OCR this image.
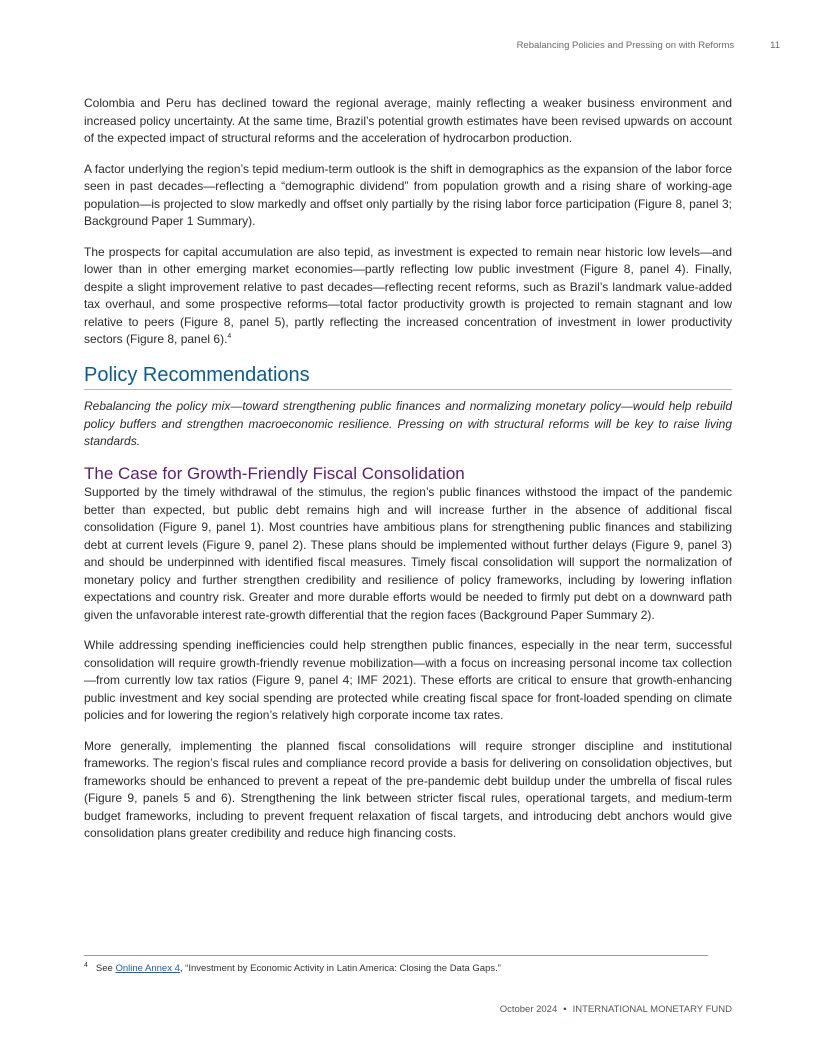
Rebalancing Policies and Pressing on with Reforms	11

Colombia and Peru has declined toward the regional average, mainly reflecting a weaker business environment and increased policy uncertainty. At the same time, Brazil’s potential growth estimates have been revised upwards on account of the expected impact of structural reforms and the acceleration of hydrocarbon production.

A factor underlying the region’s tepid medium-term outlook is the shift in demographics as the expansion of the labor force seen in past decades—reflecting a “demographic dividend” from population growth and a rising share of working-age population—is projected to slow markedly and offset only partially by the rising labor force participation (Figure 8, panel 3; Background Paper 1 Summary).

The prospects for capital accumulation are also tepid, as investment is expected to remain near historic low levels—and lower than in other emerging market economies—partly reflecting low public investment (Figure 8, panel 4). Finally, despite a slight improvement relative to past decades—reflecting recent reforms, such as Brazil’s landmark value-added tax overhaul, and some prospective reforms—total factor productivity growth is projected to remain stagnant and low relative to peers (Figure 8, panel 5), partly reflecting the increased concentration of investment in lower productivity sectors (Figure 8, panel 6).$^4$

Policy Recommendations

Rebalancing the policy mix—toward strengthening public finances and normalizing monetary policy—would help rebuild policy buffers and strengthen macroeconomic resilience. Pressing on with structural reforms will be key to raise living standards.

The Case for Growth-Friendly Fiscal Consolidation

Supported by the timely withdrawal of the stimulus, the region’s public finances withstood the impact of the pandemic better than expected, but public debt remains high and will increase further in the absence of additional fiscal consolidation (Figure 9, panel 1). Most countries have ambitious plans for strengthening public finances and stabilizing debt at current levels (Figure 9, panel 2). These plans should be implemented without further delays (Figure 9, panel 3) and should be underpinned with identified fiscal measures. Timely fiscal consolidation will support the normalization of monetary policy and further strengthen credibility and resilience of policy frameworks, including by lowering inflation expectations and country risk. Greater and more durable efforts would be needed to firmly put debt on a downward path given the unfavorable interest rate-growth differential that the region faces (Background Paper Summary 2).

While addressing spending inefficiencies could help strengthen public finances, especially in the near term, successful consolidation will require growth-friendly revenue mobilization—with a focus on increasing personal income tax collection—from currently low tax ratios (Figure 9, panel 4; IMF 2021). These efforts are critical to ensure that growth-enhancing public investment and key social spending are protected while creating fiscal space for front-loaded spending on climate policies and for lowering the region’s relatively high corporate income tax rates.

More generally, implementing the planned fiscal consolidations will require stronger discipline and institutional frameworks. The region’s fiscal rules and compliance record provide a basis for delivering on consolidation objectives, but frameworks should be enhanced to prevent a repeat of the pre-pandemic debt buildup under the umbrella of fiscal rules (Figure 9, panels 5 and 6). Strengthening the link between stricter fiscal rules, operational targets, and medium-term budget frameworks, including to prevent frequent relaxation of fiscal targets, and introducing debt anchors would give consolidation plans greater credibility and reduce high financing costs.

$^4$ See Online Annex 4, “Investment by Economic Activity in Latin America: Closing the Data Gaps.”
October 2024 • INTERNATIONAL MONETARY FUND
